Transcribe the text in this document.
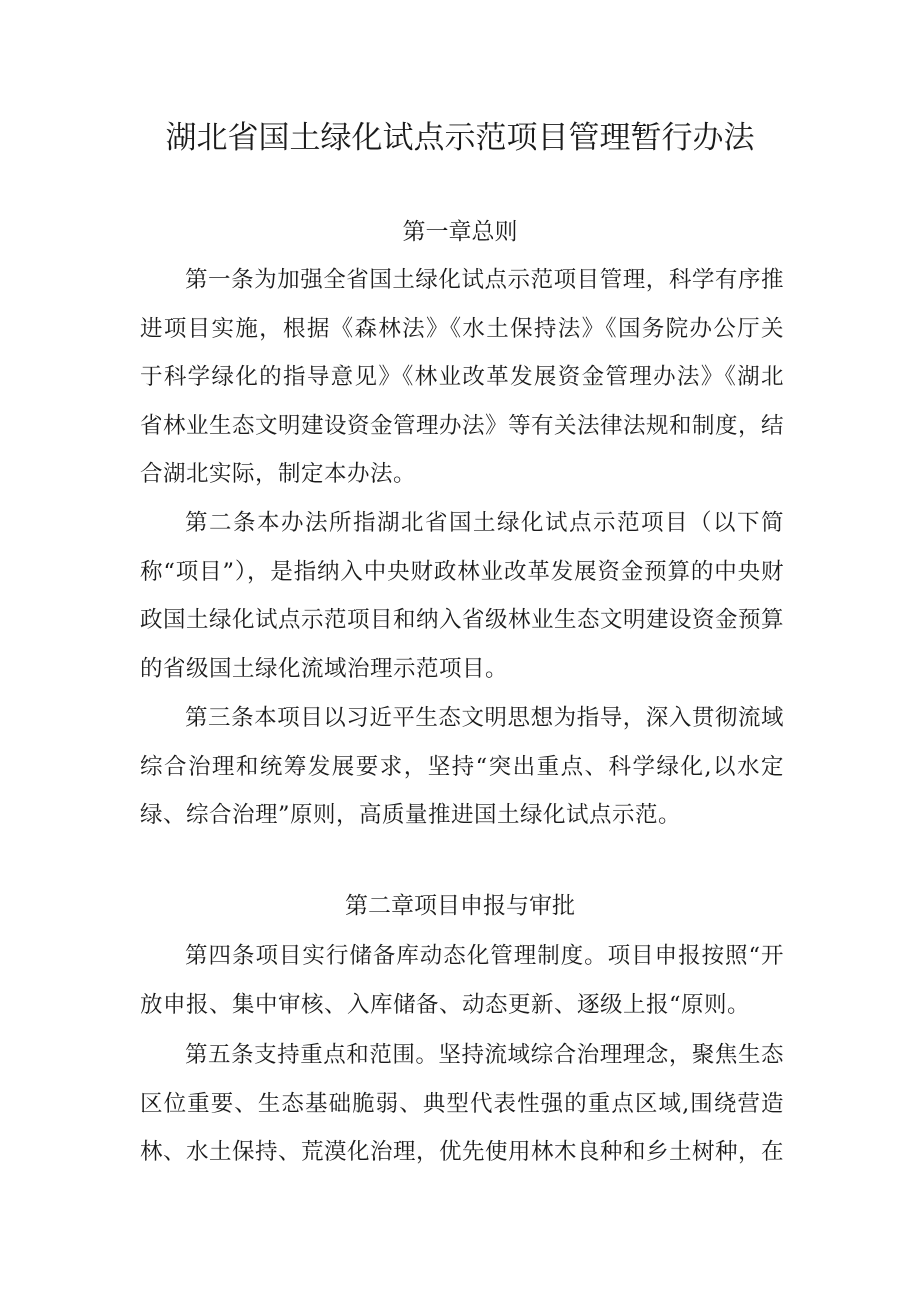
湖北省国土绿化试点示范项目管理暂行办法
第一章总则

第一条为加强全省国土绿化试点示范项目管理，科学有序推进项目实施，根据《森林法》《水土保持法》《国务院办公厅关于科学绿化的指导意见》《林业改革发展资金管理办法》《湖北省林业生态文明建设资金管理办法》等有关法律法规和制度，结合湖北实际，制定本办法。

第二条本办法所指湖北省国土绿化试点示范项目（以下简称“项目”），是指纳入中央财政林业改革发展资金预算的中央财政国土绿化试点示范项目和纳入省级林业生态文明建设资金预算的省级国土绿化流域治理示范项目。

第三条本项目以习近平生态文明思想为指导，深入贯彻流域综合治理和统筹发展要求，坚持“突出重点、科学绿化,以水定绿、综合治理”原则，高质量推进国土绿化试点示范。

第二章项目申报与审批

第四条项目实行储备库动态化管理制度。项目申报按照“开放申报、集中审核、入库储备、动态更新、逐级上报“原则。

第五条支持重点和范围。坚持流域综合治理理念，聚焦生态区位重要、生态基础脆弱、典型代表性强的重点区域,围绕营造林、水土保持、荒漠化治理，优先使用林木良种和乡土树种，在
